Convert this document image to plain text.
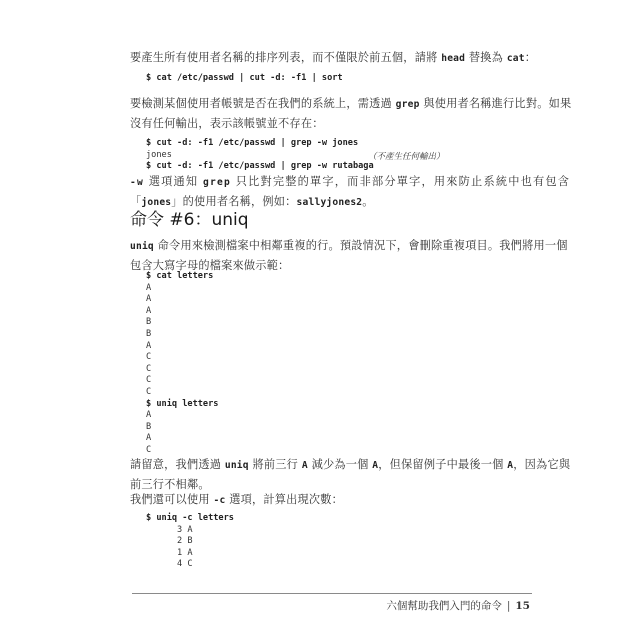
要產生所有使用者名稱的排序列表，而不僅限於前五個，請將 head 替換為 cat：
$ cat /etc/passwd | cut -d: -f1 | sort
要檢測某個使用者帳號是否在我們的系統上，需透過 grep 與使用者名稱進行比對。如果
沒有任何輸出，表示該帳號並不存在：
$ cut -d: -f1 /etc/passwd | grep -w jones
jones
$ cut -d: -f1 /etc/passwd | grep -w rutabaga
（不產生任何輸出）
-w 選項通知 grep 只比對完整的單字，而非部分單字，用來防止系統中也有包含
「jones」的使用者名稱，例如：sallyjones2。
命令 #6：uniq
uniq 命令用來檢測檔案中相鄰重複的行。預設情況下，會刪除重複項目。我們將用一個
包含大寫字母的檔案來做示範：
$ cat letters
A
A
A
B
B
A
C
C
C
C
$ uniq letters
A
B
A
C
請留意，我們透過 uniq 將前三行 A 減少為一個 A，但保留例子中最後一個 A，因為它與
前三行不相鄰。
我們還可以使用 -c 選項，計算出現次數：
$ uniq -c letters
3 A
2 B
1 A
4 C
六個幫助我們入門的命令 | 15
